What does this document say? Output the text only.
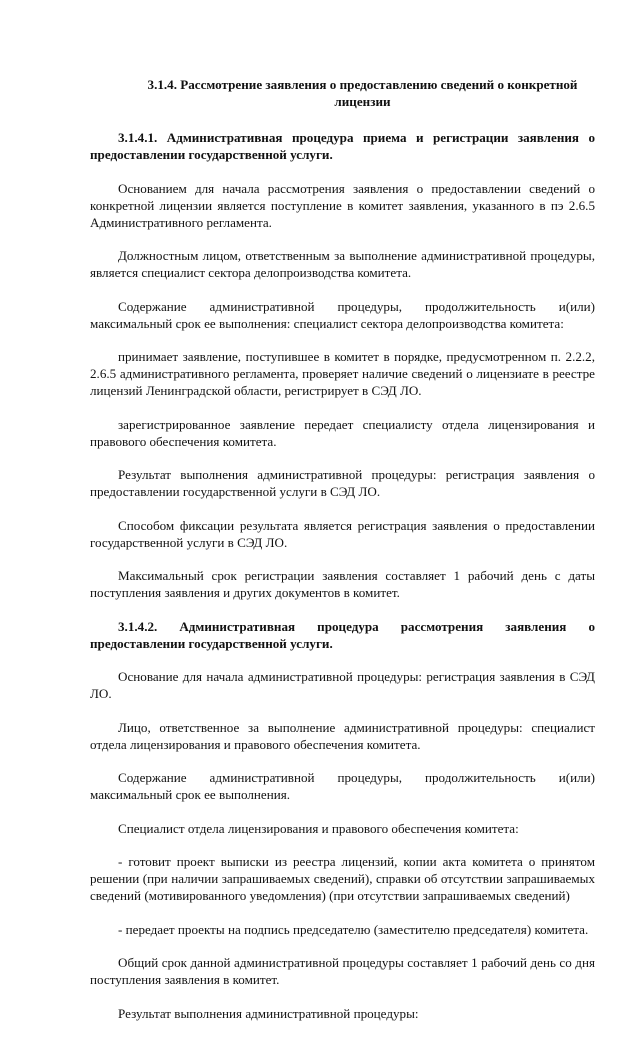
3.1.4. Рассмотрение заявления о предоставлению сведений о конкретной лицензии
3.1.4.1. Административная процедура приема и регистрации заявления о предоставлении государственной услуги.
Основанием для начала рассмотрения заявления о предоставлении сведений о конкретной лицензии является поступление в комитет заявления, указанного в пэ 2.6.5 Административного регламента.
Должностным лицом, ответственным за выполнение административной процедуры, является специалист сектора делопроизводства комитета.
Содержание административной процедуры, продолжительность и(или) максимальный срок ее выполнения: специалист сектора делопроизводства комитета:
принимает заявление, поступившее в комитет в порядке, предусмотренном п. 2.2.2, 2.6.5 административного регламента, проверяет наличие сведений о лицензиате в реестре лицензий Ленинградской области, регистрирует в СЭД ЛО.
зарегистрированное заявление передает специалисту отдела лицензирования и правового обеспечения комитета.
Результат выполнения административной процедуры: регистрация заявления о предоставлении государственной услуги в СЭД ЛО.
Способом фиксации результата является регистрация заявления о предоставлении государственной услуги в СЭД ЛО.
Максимальный срок регистрации заявления составляет 1 рабочий день с даты поступления заявления и других документов в комитет.
3.1.4.2. Административная процедура рассмотрения заявления о предоставлении государственной услуги.
Основание для начала административной процедуры: регистрация заявления в СЭД ЛО.
Лицо, ответственное за выполнение административной процедуры: специалист отдела лицензирования и правового обеспечения комитета.
Содержание административной процедуры, продолжительность и(или) максимальный срок ее выполнения.
Специалист отдела лицензирования и правового обеспечения комитета:
- готовит проект выписки из реестра лицензий, копии акта комитета о принятом решении (при наличии запрашиваемых сведений), справки об отсутствии запрашиваемых сведений (мотивированного уведомления) (при отсутствии запрашиваемых сведений)
- передает проекты на подпись председателю (заместителю председателя) комитета.
Общий срок данной административной процедуры составляет 1 рабочий день со дня поступления заявления в комитет.
Результат выполнения административной процедуры:
